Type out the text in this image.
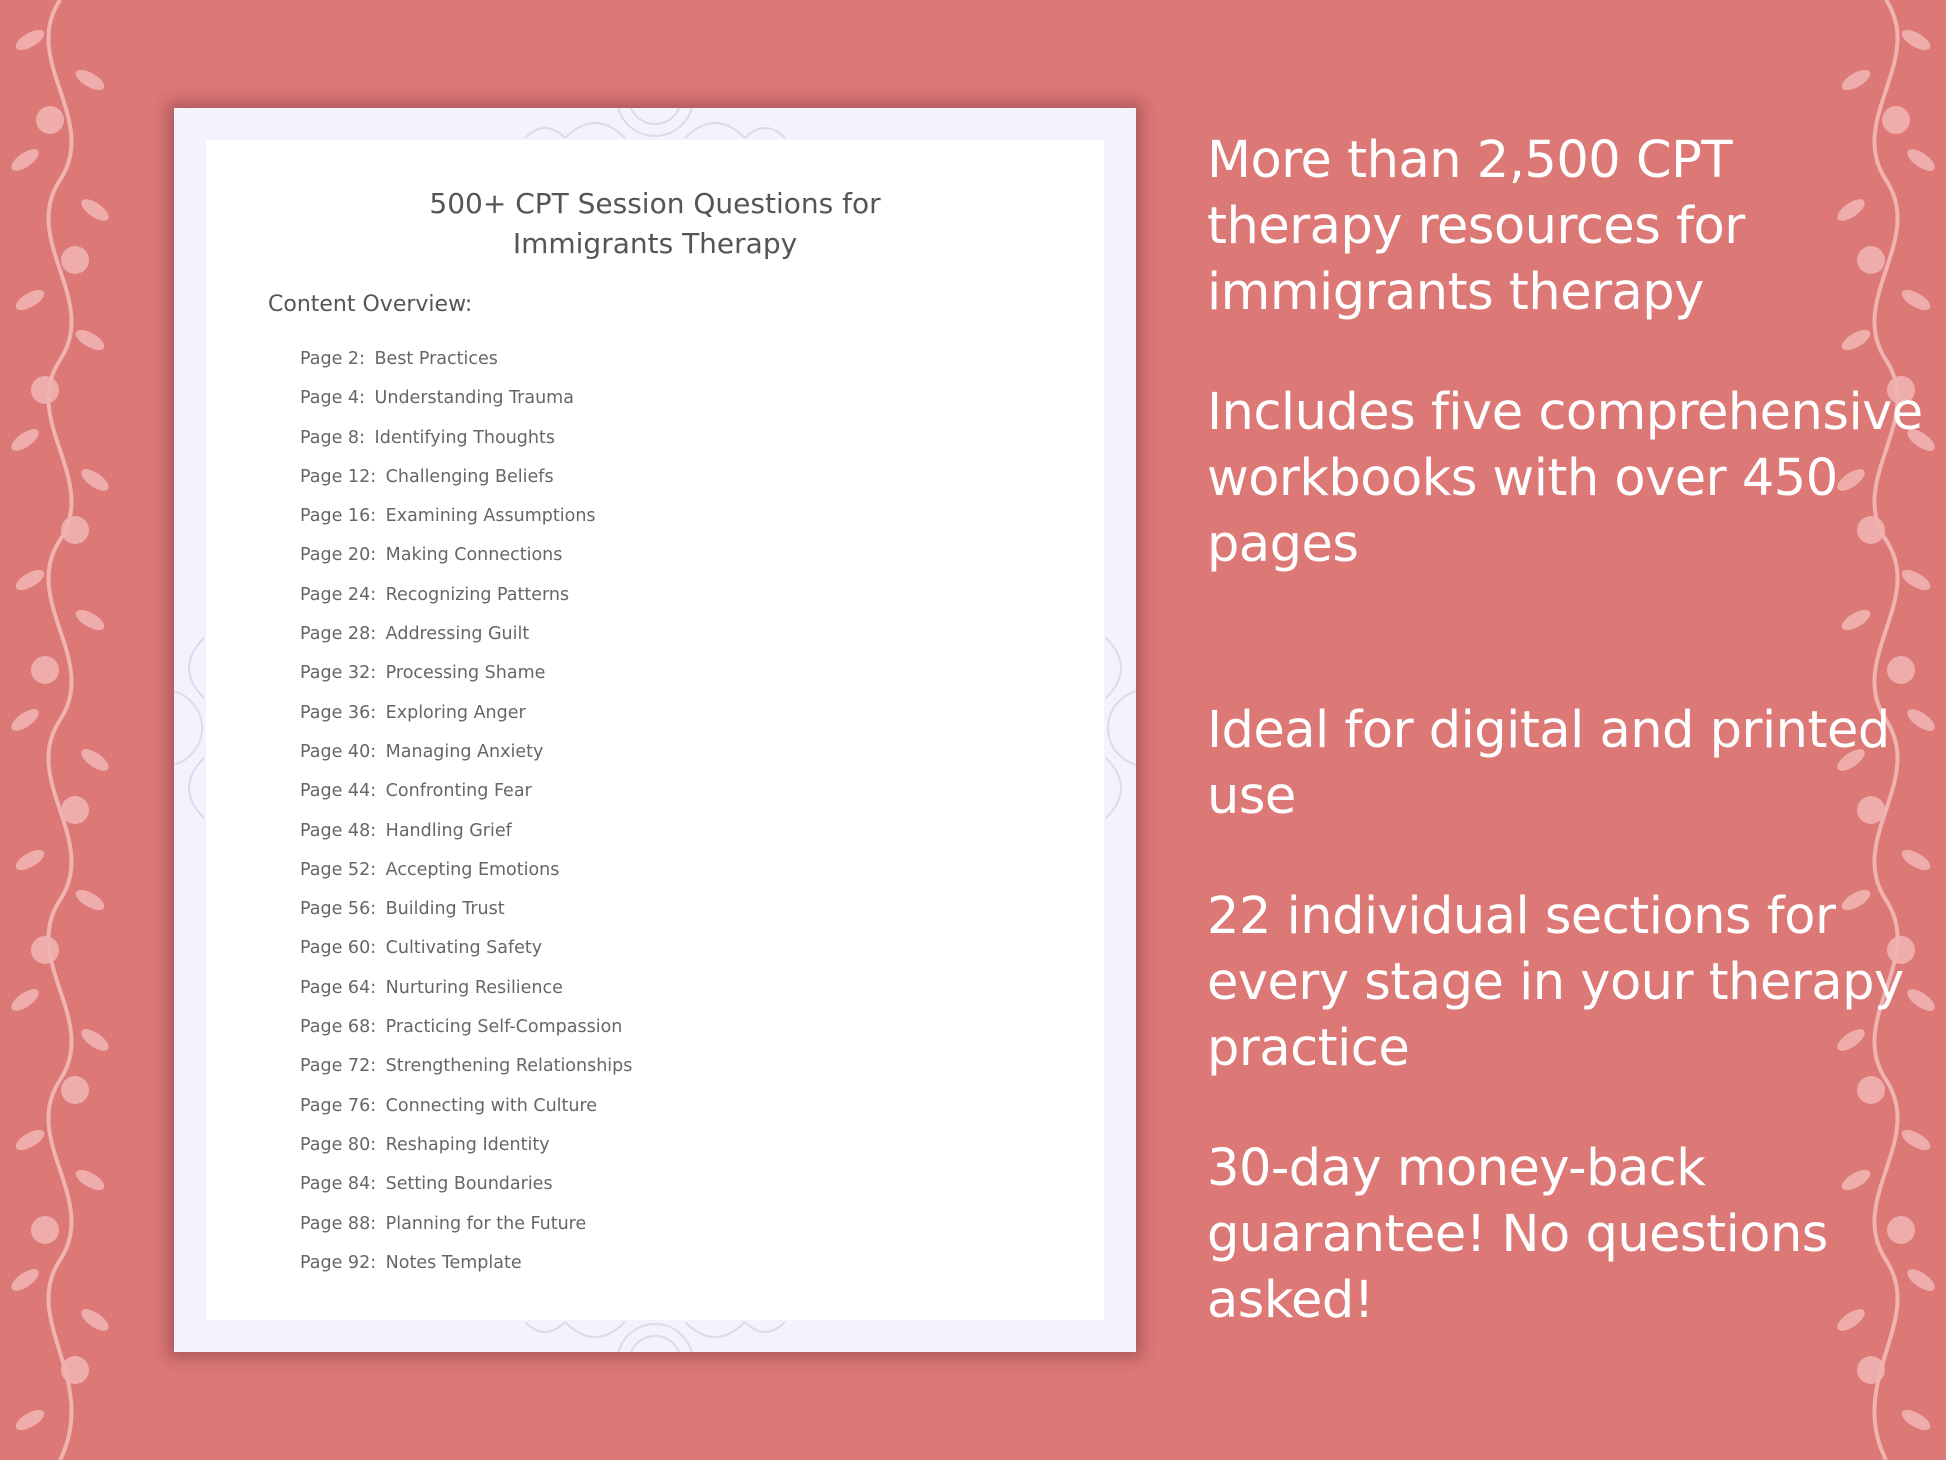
500+ CPT Session Questions for
Immigrants Therapy
Content Overview:
Page 2: Best Practices
Page 4: Understanding Trauma
Page 8: Identifying Thoughts
Page 12: Challenging Beliefs
Page 16: Examining Assumptions
Page 20: Making Connections
Page 24: Recognizing Patterns
Page 28: Addressing Guilt
Page 32: Processing Shame
Page 36: Exploring Anger
Page 40: Managing Anxiety
Page 44: Confronting Fear
Page 48: Handling Grief
Page 52: Accepting Emotions
Page 56: Building Trust
Page 60: Cultivating Safety
Page 64: Nurturing Resilience
Page 68: Practicing Self-Compassion
Page 72: Strengthening Relationships
Page 76: Connecting with Culture
Page 80: Reshaping Identity
Page 84: Setting Boundaries
Page 88: Planning for the Future
Page 92: Notes Template

More than 2,500 CPT therapy resources for immigrants therapy

Includes five comprehensive workbooks with over 450 pages

Ideal for digital and printed use

22 individual sections for every stage in your therapy practice

30-day money-back guarantee! No questions asked!
